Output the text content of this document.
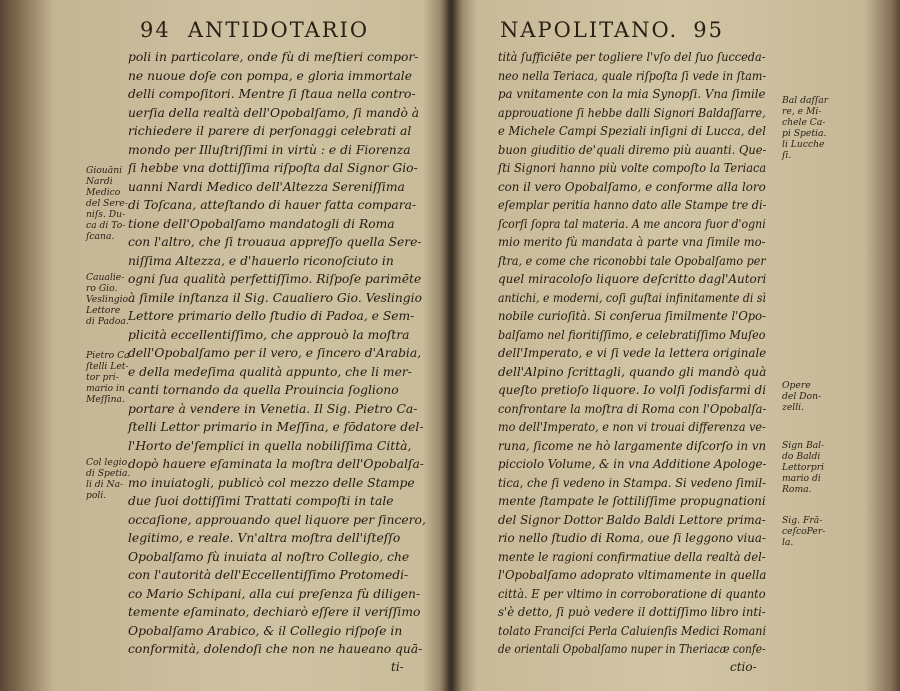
94 ANTIDOTARIO
poli in particolare, onde fù di meſtieri compor-
ne nuoue doſe con pompa, e gloria immortale
delli compoſitori. Mentre ſi ſtaua nella contro-
uerſia della realtà dell'Opobalſamo, ſi mandò à
richiedere il parere di perſonaggi celebrati al
mondo per Illuſtriſſimi in virtù : e di Fiorenza
ſi hebbe vna dottiſſima riſpoſta dal Signor Gio-
uanni Nardi Medico dell'Altezza Sereniſſima
di Toſcana, atteſtando di hauer fatta compara-
tione dell'Opobalſamo mandatogli di Roma
con l'altro, che ſi trouaua appreſſo quella Sere-
niſſima Altezza, e d'hauerlo riconoſciuto in
ogni ſua qualità perfettiſſimo. Riſpoſe parimēte
à ſimile inſtanza il Sig. Caualiero Gio. Veslingio
Lettore primario dello ſtudio di Padoa, e Sem-
plicità eccellentiſſimo, che approuò la moſtra
dell'Opobalſamo per il vero, e ſincero d'Arabia,
e della medeſima qualità appunto, che li mer-
canti tornando da quella Prouincia ſogliono
portare à vendere in Venetia. Il Sig. Pietro Ca-
ſtelli Lettor primario in Meſſina, e fōdatore del-
l'Horto de'ſemplici in quella nobiliſſima Città,
dopò hauere eſaminata la moſtra dell'Opobalſa-
mo inuiatogli, publicò col mezzo delle Stampe
due ſuoi dottiſſimi Trattati compoſti in tale
occaſione, approuando quel liquore per ſincero,
legitimo, e reale. Vn'altra moſtra dell'iſteſſo
Opobalſamo fù inuiata al noſtro Collegio, che
con l'autorità dell'Eccellentiſſimo Protomedi-
co Mario Schipani, alla cui preſenza fù diligen-
temente eſaminato, dechiarò eſſere il veriſſimo
Opobalſamo Arabico, & il Collegio riſpoſe in
conformità, dolendoſi che non ne haueano quā-
ti-
Giouāni
Nardi
Medico
del Sere-
niſs. Du-
ca di To-
ſcana.
Caualie-
ro Gio.
Veslingio
Lettore
di Padoa.
Pietro Ca
ſtelli Let-
tor pri-
mario in
Meſſina.
Col legio
di Spetia.
li di Na-
poli.
NAPOLITANO. 95
tità ſufficiēte per togliere l'vſo del ſuo ſucceda-
neo nella Teriaca, quale riſpoſta ſi vede in ſtam-
pa vnitamente con la mia Synopſi. Vna ſimile
approuatione ſi hebbe dalli Signori Baldaſſarre,
e Michele Campi Speziali inſigni di Lucca, del
buon giuditio de'quali diremo più auanti. Que-
ſti Signori hanno più volte compoſto la Teriaca
con il vero Opobalſamo, e conforme alla loro
eſemplar peritia hanno dato alle Stampe tre di-
ſcorſi ſopra tal materia. A me ancora fuor d'ogni
mio merito fù mandata à parte vna ſimile mo-
ſtra, e come che riconobbi tale Opobalſamo per
quel miracoloſo liquore deſcritto dagl'Autori
antichi, e moderni, coſi guſtai infinitamente di sì
nobile curioſità. Si conſerua ſimilmente l'Opo-
balſamo nel fioritiſſimo, e celebratiſſimo Muſeo
dell'Imperato, e vi ſi vede la lettera originale
dell'Alpino ſcrittagli, quando gli mandò quà
queſto pretioſo liquore. Io volſi ſodisfarmi di
confrontare la moſtra di Roma con l'Opobalſa-
mo dell'Imperato, e non vi trouai differenza ve-
runa, ſicome ne hò largamente diſcorſo in vn
picciolo Volume, & in vna Additione Apologe-
tica, che ſi vedeno in Stampa. Si vedeno ſimil-
mente ſtampate le ſottiliſſime propugnationi
del Signor Dottor Baldo Baldi Lettore prima-
rio nello ſtudio di Roma, oue ſi leggono viua-
mente le ragioni confirmatiue della realtà del-
l'Opobalſamo adoprato vltimamente in quella
città. E per vltimo in corroboratione di quanto
s'è detto, ſi può vedere il dottiſſimo libro inti-
tolato Franciſci Perla Caluienſis Medici Romani
de orientali Opobalſamo nuper in Theriacæ confe-
ctio-
Bal daſſar
re, e Mi-
chele Ca-
pi Spetia.
li Lucche
ſi.
Opere
del Don-
zelli.
Sign Bal-
do Baldi
Lettorpri
mario di
Roma.
Sig. Frā-
ceſcoPer-
la.
